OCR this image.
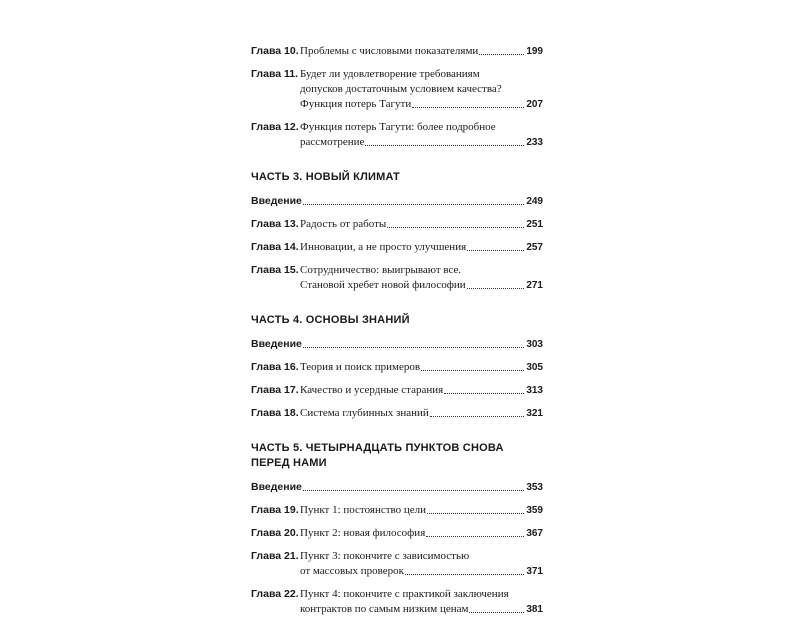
Глава 10. Проблемы с числовыми показателями	199
Глава 11. Будет ли удовлетворение требованиям
допусков достаточным условием качества?
Функция потерь Тагути	207
Глава 12. Функция потерь Тагути: более подробное
рассмотрение	233
ЧАСТЬ 3. НОВЫЙ КЛИМАТ
Введение	249
Глава 13. Радость от работы	251
Глава 14. Инновации, а не просто улучшения	257
Глава 15. Сотрудничество: выигрывают все.
Становой хребет новой философии	271
ЧАСТЬ 4. ОСНОВЫ ЗНАНИЙ
Введение	303
Глава 16. Теория и поиск примеров	305
Глава 17. Качество и усердные старания	313
Глава 18. Система глубинных знаний	321
ЧАСТЬ 5. ЧЕТЫРНАДЦАТЬ ПУНКТОВ СНОВА
ПЕРЕД НАМИ
Введение	353
Глава 19. Пункт 1: постоянство цели	359
Глава 20. Пункт 2: новая философия	367
Глава 21. Пункт 3: покончите с зависимостью
от массовых проверок	371
Глава 22. Пункт 4: покончите с практикой заключения
контрактов по самым низким ценам	381
